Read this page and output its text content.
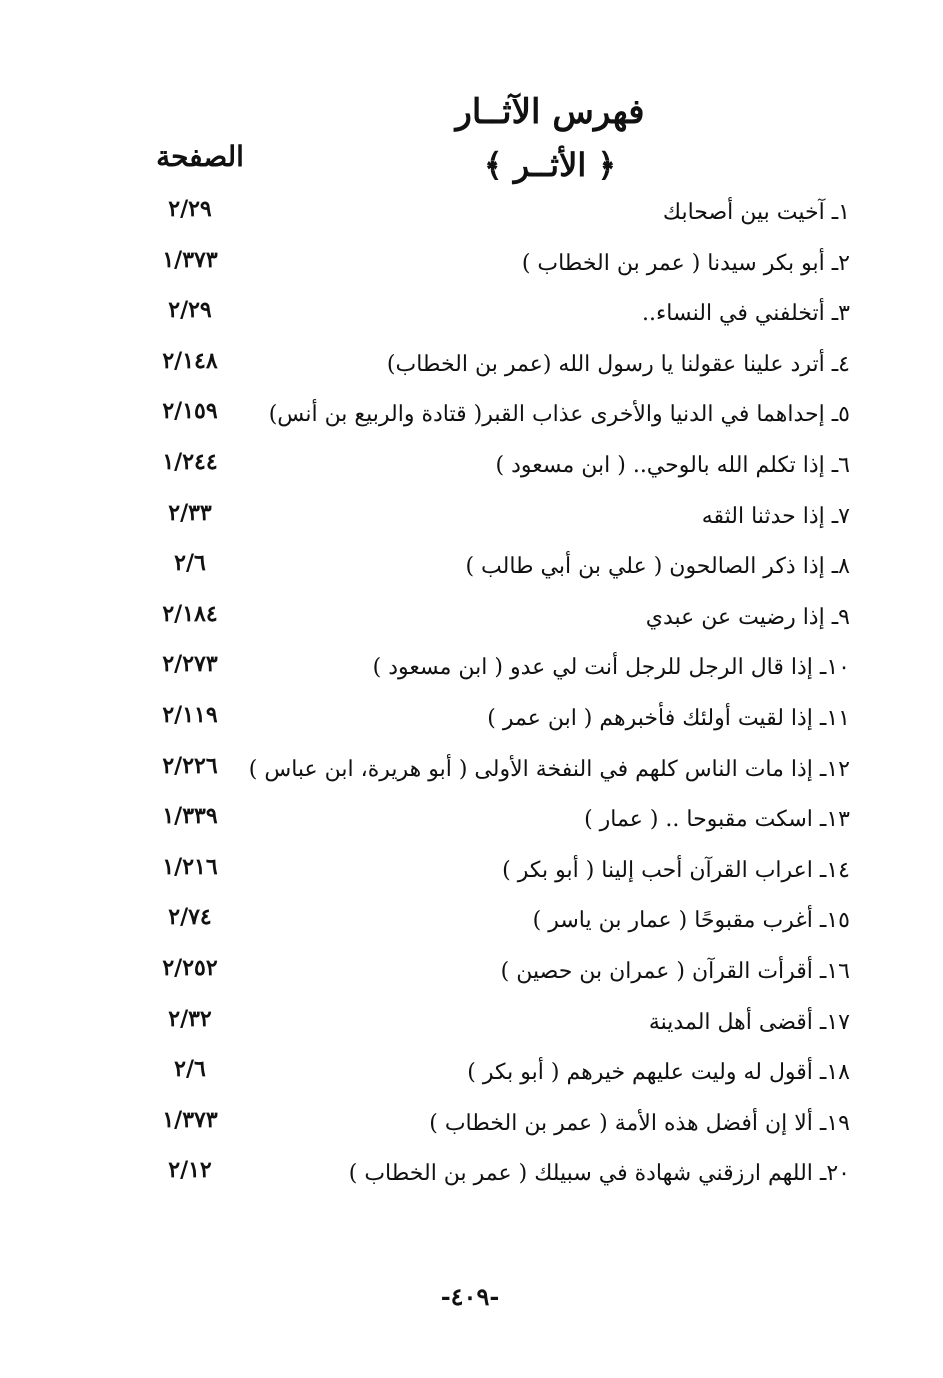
فهرس الآثــار
﴿ الأثــر ﴾
الصفحة
١ـ آخيت بين أصحابك
٢/٢٩
٢ـ أبو بكر سيدنا ( عمر بن الخطاب )
١/٣٧٣
٣ـ أتخلفني في النساء..
٢/٢٩
٤ـ أترد علينا عقولنا يا رسول الله (عمر بن الخطاب)
٢/١٤٨
٥ـ إحداهما في الدنيا والأخرى عذاب القبر( قتادة والربيع بن أنس)
٢/١٥٩
٦ـ إذا تكلم الله بالوحي.. ( ابن مسعود )
١/٢٤٤
٧ـ إذا حدثنا الثقه
٢/٣٣
٨ـ إذا ذكر الصالحون ( علي بن أبي طالب )
٢/٦
٩ـ إذا رضيت عن عبدي
٢/١٨٤
١٠ـ إذا قال الرجل للرجل أنت لي عدو ( ابن مسعود )
٢/٢٧٣
١١ـ إذا لقيت أولئك فأخبرهم ( ابن عمر )
٢/١١٩
١٢ـ إذا مات الناس كلهم في النفخة الأولى ( أبو هريرة، ابن عباس )
٢/٢٢٦
١٣ـ اسكت مقبوحا .. ( عمار )
١/٣٣٩
١٤ـ اعراب القرآن أحب إلينا ( أبو بكر )
١/٢١٦
١٥ـ أغرب مقبوحًا ( عمار بن ياسر )
٢/٧٤
١٦ـ أقرأت القرآن ( عمران بن حصين )
٢/٢٥٢
١٧ـ أقضى أهل المدينة
٢/٣٢
١٨ـ أقول له وليت عليهم خيرهم ( أبو بكر )
٢/٦
١٩ـ ألا إن أفضل هذه الأمة ( عمر بن الخطاب )
١/٣٧٣
٢٠ـ اللهم ارزقني شهادة في سبيلك ( عمر بن الخطاب )
٢/١٢
-٤٠٩-
